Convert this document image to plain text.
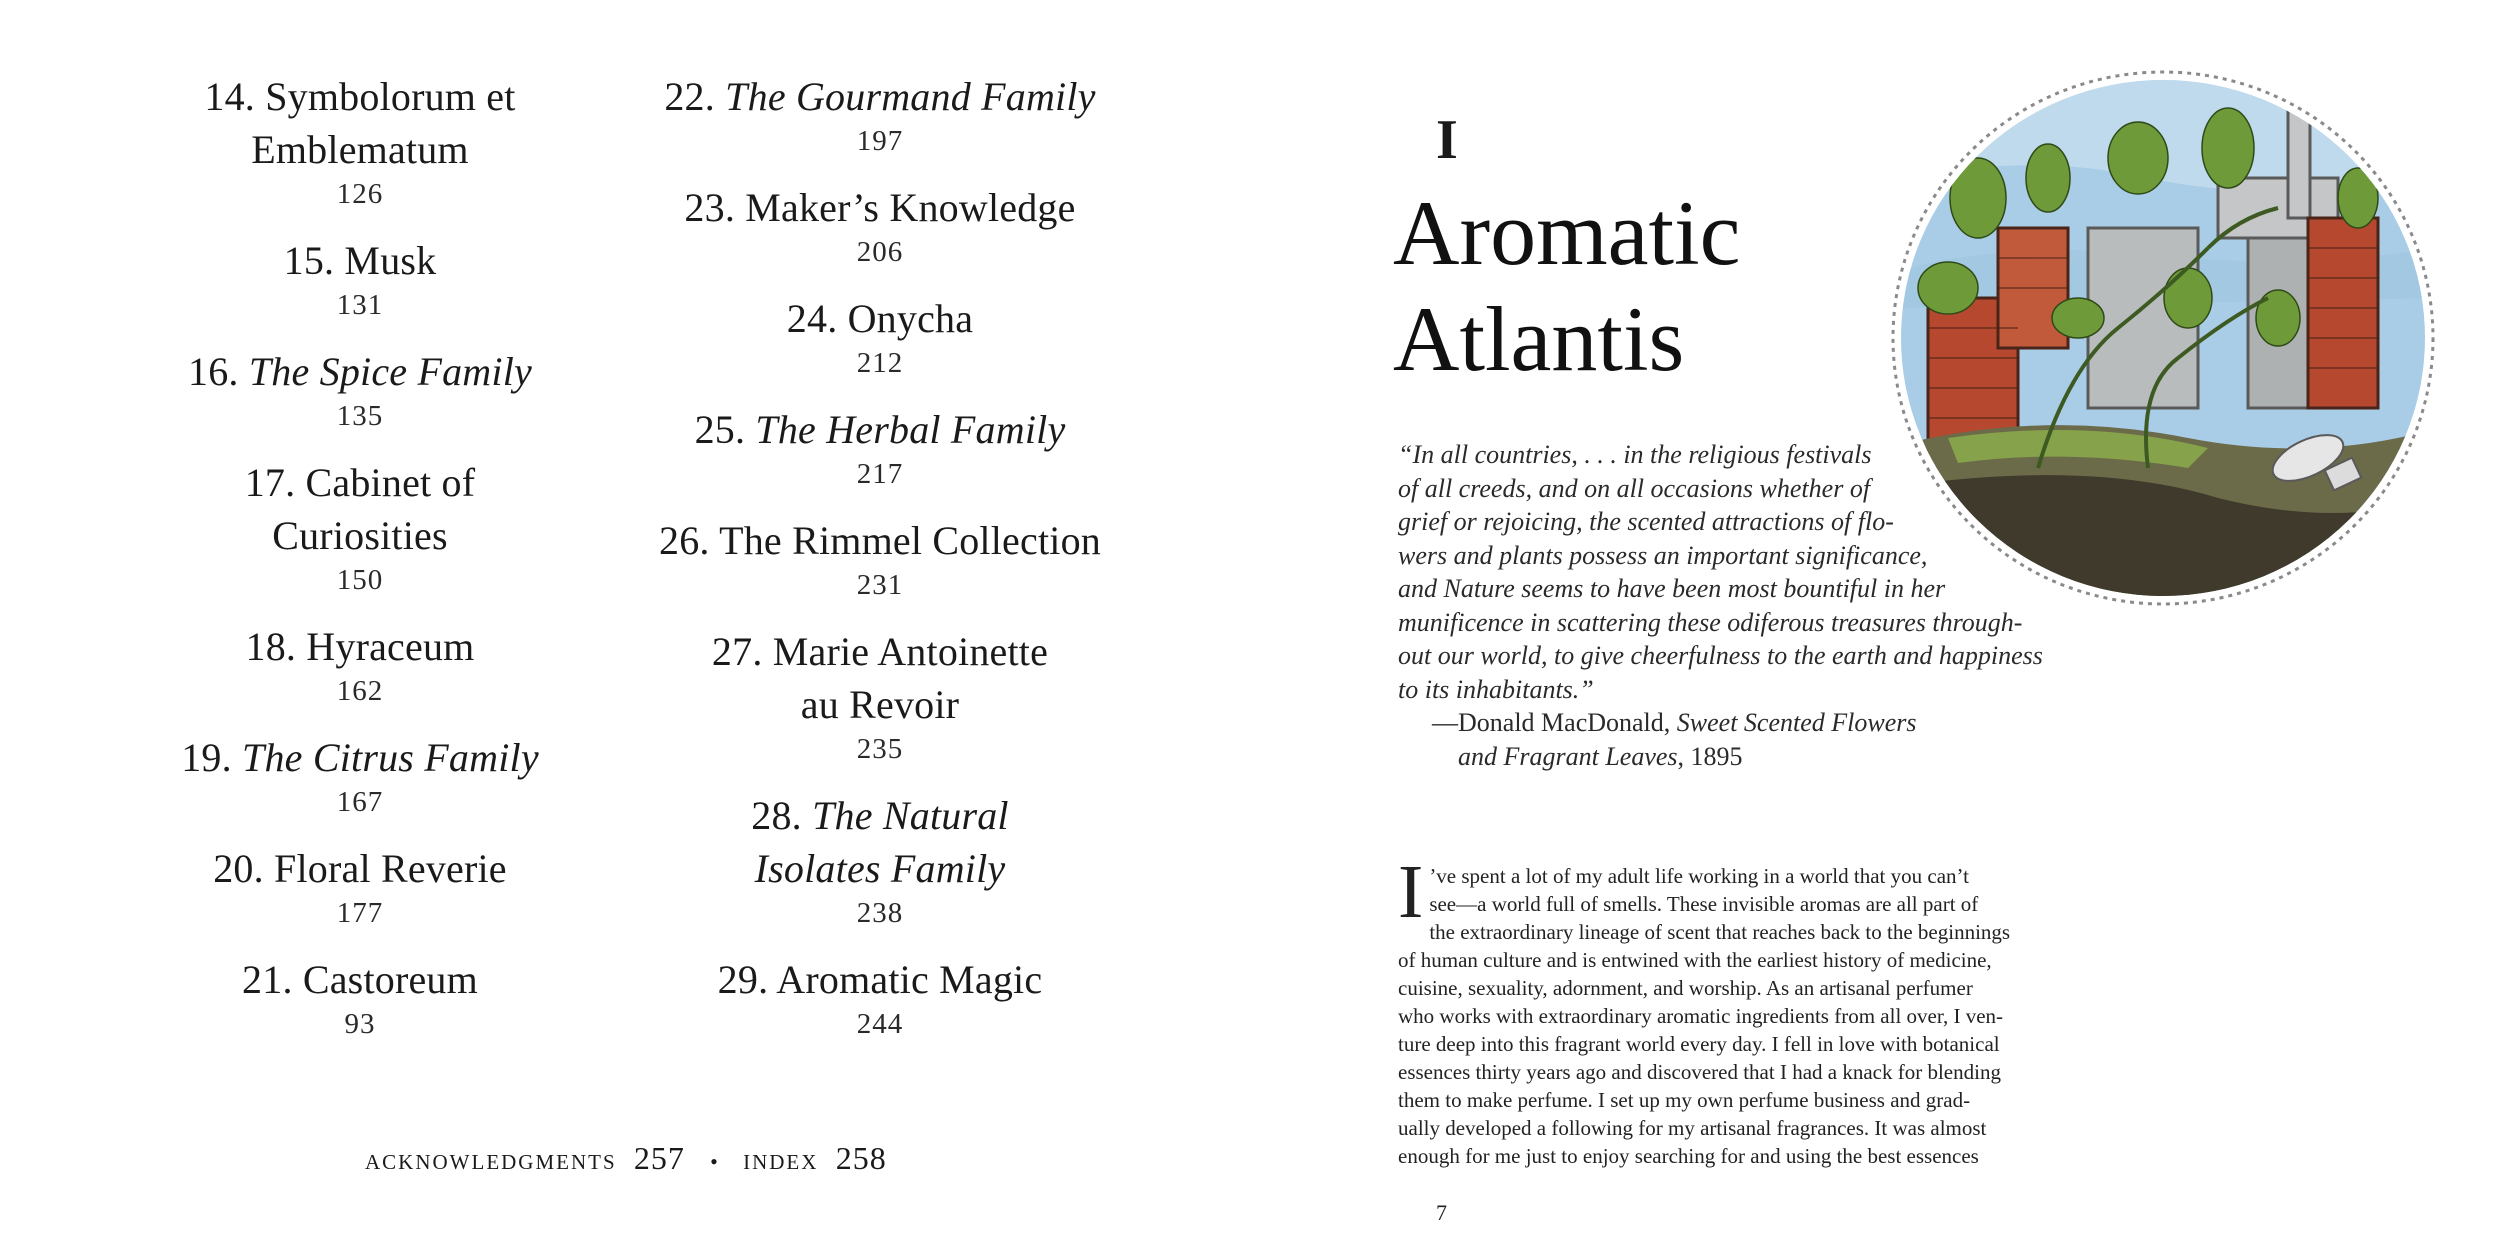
14. Symbolorum et
Emblematum
126
15. Musk
131
16. The Spice Family
135
17. Cabinet of
Curiosities
150
18. Hyraceum
162
19. The Citrus Family
167
20. Floral Reverie
177
21. Castoreum
93
22. The Gourmand Family
197
23. Maker’s Knowledge
206
24. Onycha
212
25. The Herbal Family
217
26. The Rimmel Collection
231
27. Marie Antoinette
au Revoir
235
28. The Natural
Isolates Family
238
29. Aromatic Magic
244
ACKNOWLEDGMENTS 257 • INDEX 258
I
Aromatic
Atlantis
“In all countries, . . . in the religious festivals
of all creeds, and on all occasions whether of
grief or rejoicing, the scented attractions of flo-
wers and plants possess an important significance,
and Nature seems to have been most bountiful in her
munificence in scattering these odiferous treasures through-
out our world, to give cheerfulness to the earth and happiness
to its inhabitants.”
—Donald MacDonald, Sweet Scented Flowers
and Fragrant Leaves, 1895
I ’ve spent a lot of my adult life working in a world that you can’t
see—a world full of smells. These invisible aromas are all part of
the extraordinary lineage of scent that reaches back to the beginnings
of human culture and is entwined with the earliest history of medicine,
cuisine, sexuality, adornment, and worship. As an artisanal perfumer
who works with extraordinary aromatic ingredients from all over, I ven-
ture deep into this fragrant world every day. I fell in love with botanical
essences thirty years ago and discovered that I had a knack for blending
them to make perfume. I set up my own perfume business and grad-
ually developed a following for my artisanal fragrances. It was almost
enough for me just to enjoy searching for and using the best essences
7
